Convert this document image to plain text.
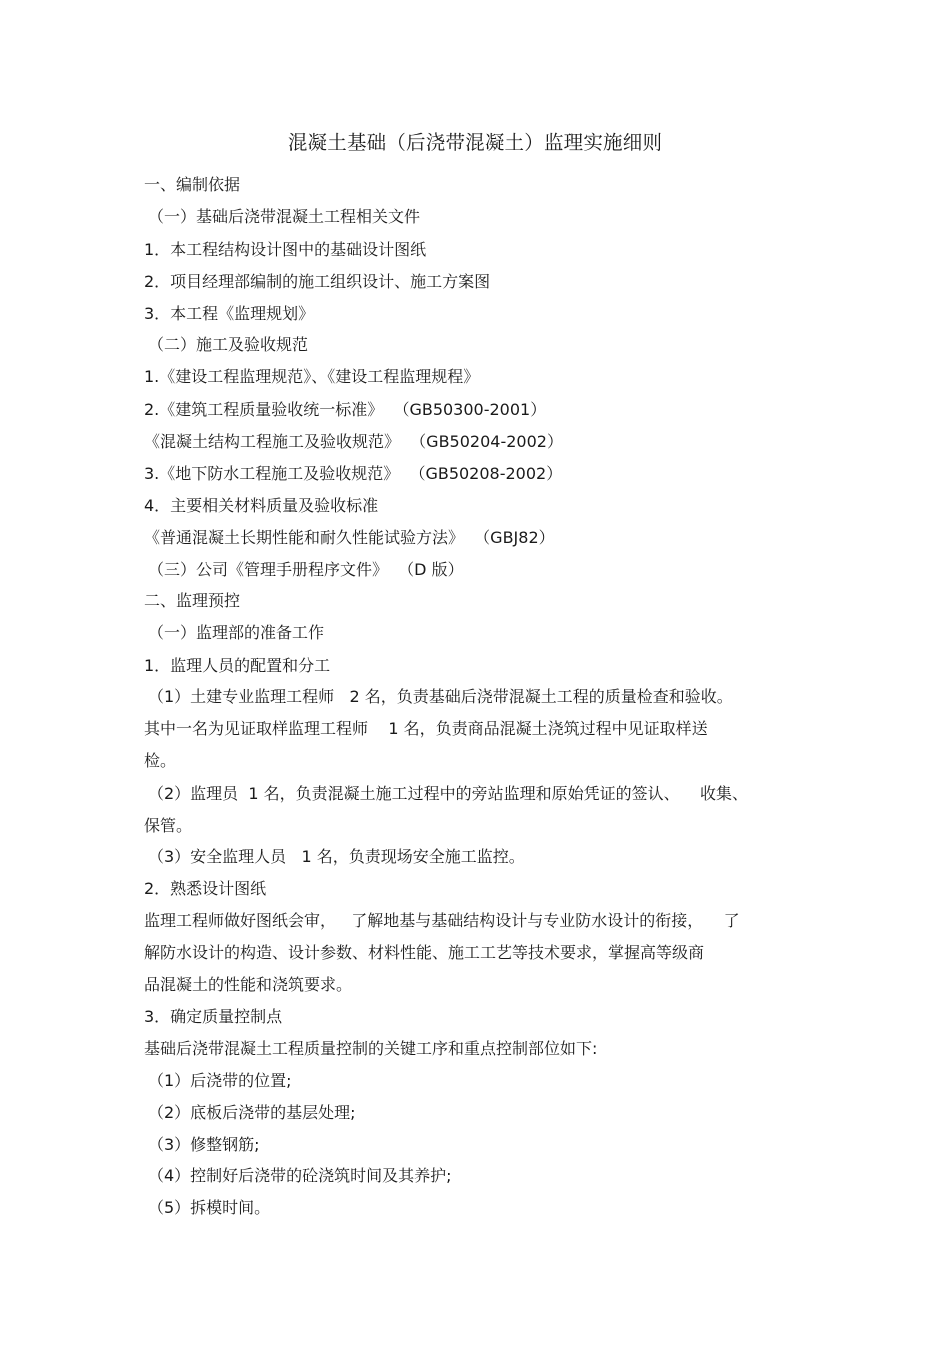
混凝土基础（后浇带混凝土）监理实施细则
一、编制依据
（一）基础后浇带混凝土工程相关文件
1．本工程结构设计图中的基础设计图纸
2．项目经理部编制的施工组织设计、施工方案图
3．本工程《监理规划》
（二）施工及验收规范
1.《建设工程监理规范》、《建设工程监理规程》
2.《建筑工程质量验收统一标准》  （GB50300-2001）
《混凝土结构工程施工及验收规范》  （GB50204-2002）
3.《地下防水工程施工及验收规范》  （GB50208-2002）
4．主要相关材料质量及验收标准
《普通混凝土长期性能和耐久性能试验方法》  （GBJ82）
（三）公司《管理手册程序文件》  （D 版）
二、监理预控
（一）监理部的准备工作
1．监理人员的配置和分工
（1）土建专业监理工程师   2 名，负责基础后浇带混凝土工程的质量检查和验收。
其中一名为见证取样监理工程师    1 名，负责商品混凝土浇筑过程中见证取样送
检。
（2）监理员  1 名，负责混凝土施工过程中的旁站监理和原始凭证的签认、    收集、
保管。
（3）安全监理人员   1 名，负责现场安全施工监控。
2．熟悉设计图纸
监理工程师做好图纸会审，   了解地基与基础结构设计与专业防水设计的衔接，    了
解防水设计的构造、设计参数、材料性能、施工工艺等技术要求，掌握高等级商
品混凝土的性能和浇筑要求。
3．确定质量控制点
基础后浇带混凝土工程质量控制的关键工序和重点控制部位如下:
（1）后浇带的位置;
（2）底板后浇带的基层处理;
（3）修整钢筋;
（4）控制好后浇带的砼浇筑时间及其养护;
（5）拆模时间。
